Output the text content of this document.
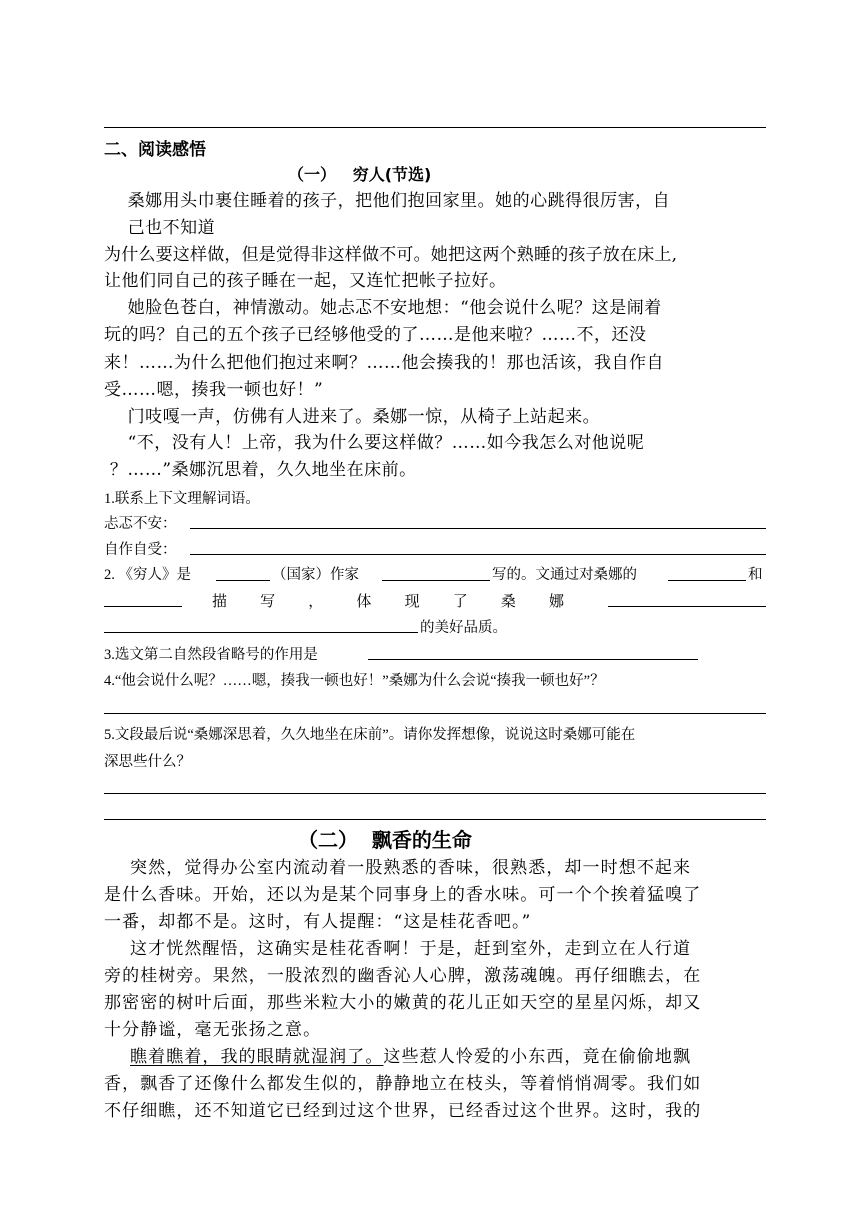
二、阅读感悟
（一）   穷人(节选)
桑娜用头巾裹住睡着的孩子，把他们抱回家里。她的心跳得很厉害，自
己也不知道
为什么要这样做，但是觉得非这样做不可。她把这两个熟睡的孩子放在床上,
让他们同自己的孩子睡在一起，又连忙把帐子拉好。
她脸色苍白，神情激动。她忐忑不安地想：“他会说什么呢？这是闹着
玩的吗？自己的五个孩子已经够他受的了……是他来啦？……不，还没
来！……为什么把他们抱过来啊？……他会揍我的！那也活该，我自作自
受……嗯，揍我一顿也好！”
门吱嘎一声，仿佛有人进来了。桑娜一惊，从椅子上站起来。
“不，没有人！上帝，我为什么要这样做？……如今我怎么对他说呢
？……”桑娜沉思着，久久地坐在床前。
1.联系上下文理解词语。
忐忑不安：
自作自受：
2. 《穷人》是	（国家）作家	写的。文通过对桑娜的	和
描 写 ， 体 现 了 桑 娜
的美好品质。
3.选文第二自然段省略号的作用是
4.“他会说什么呢？……嗯，揍我一顿也好！”桑娜为什么会说“揍我一顿也好”？
5.文段最后说“桑娜深思着，久久地坐在床前”。请你发挥想像，说说这时桑娜可能在
深思些什么？
（二）  飘香的生命
突然，觉得办公室内流动着一股熟悉的香味，很熟悉，却一时想不起来
是什么香味。开始，还以为是某个同事身上的香水味。可一个个挨着猛嗅了
一番，却都不是。这时，有人提醒：“这是桂花香吧。”
这才恍然醒悟，这确实是桂花香啊！于是，赶到室外，走到立在人行道
旁的桂树旁。果然，一股浓烈的幽香沁人心脾，激荡魂魄。再仔细瞧去，在
那密密的树叶后面，那些米粒大小的嫩黄的花儿正如天空的星星闪烁，却又
十分静谧，毫无张扬之意。
瞧着瞧着，我的眼睛就湿润了。这些惹人怜爱的小东西，竟在偷偷地飘
香，飘香了还像什么都发生似的，静静地立在枝头，等着悄悄凋零。我们如
不仔细瞧，还不知道它已经到过这个世界，已经香过这个世界。这时，我的
